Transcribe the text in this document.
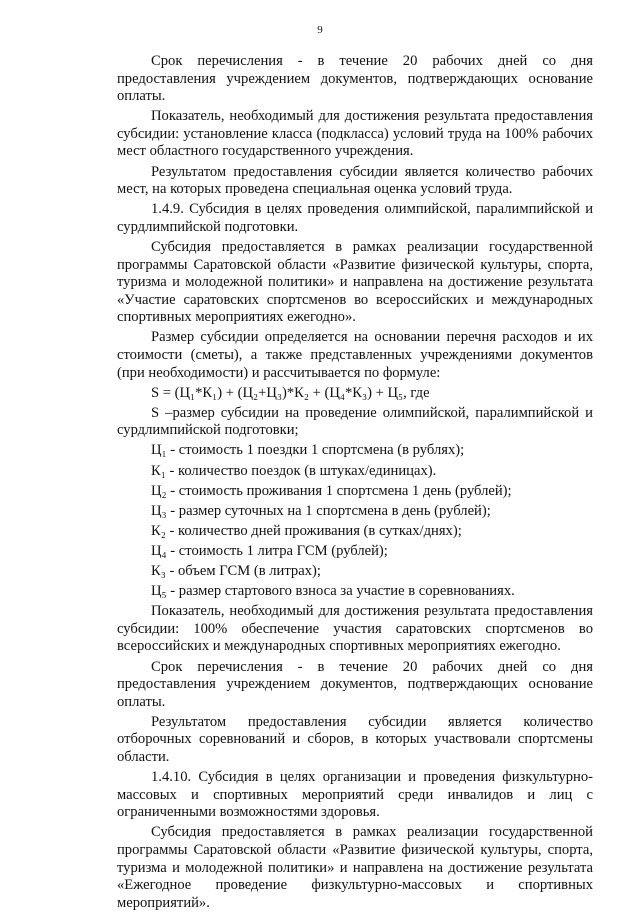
9

Срок перечисления - в течение 20 рабочих дней со дня предоставления учреждением документов, подтверждающих основание оплаты.

Показатель, необходимый для достижения результата предоставления субсидии: установление класса (подкласса) условий труда на 100% рабочих мест областного государственного учреждения.

Результатом предоставления субсидии является количество рабочих мест, на которых проведена специальная оценка условий труда.

1.4.9. Субсидия в целях проведения олимпийской, паралимпийской и сурдлимпийской подготовки.

Субсидия предоставляется в рамках реализации государственной программы Саратовской области «Развитие физической культуры, спорта, туризма и молодежной политики» и направлена на достижение результата «Участие саратовских спортсменов во всероссийских и международных спортивных мероприятиях ежегодно».

Размер субсидии определяется на основании перечня расходов и их стоимости (сметы), а также представленных учреждениями документов (при необходимости) и рассчитывается по формуле:

S = (Ц₁*К₁) + (Ц₂+Ц₃)*К₂ + (Ц₄*К₃) + Ц₅, где

S –размер субсидии на проведение олимпийской, паралимпийской и сурдлимпийской подготовки;

Ц₁ - стоимость 1 поездки 1 спортсмена (в рублях);

К₁ - количество поездок (в штуках/единицах).

Ц₂ - стоимость проживания 1 спортсмена 1 день (рублей);

Ц₃ - размер суточных на 1 спортсмена в день (рублей);

К₂ - количество дней проживания (в сутках/днях);

Ц₄ - стоимость 1 литра ГСМ (рублей);

К₃ - объем ГСМ (в литрах);

Ц₅ - размер стартового взноса за участие в соревнованиях.

Показатель, необходимый для достижения результата предоставления субсидии: 100% обеспечение участия саратовских спортсменов во всероссийских и международных спортивных мероприятиях ежегодно.

Срок перечисления - в течение 20 рабочих дней со дня предоставления учреждением документов, подтверждающих основание оплаты.

Результатом предоставления субсидии является количество отборочных соревнований и сборов, в которых участвовали спортсмены области.

1.4.10. Субсидия в целях организации и проведения физкультурно-массовых и спортивных мероприятий среди инвалидов и лиц с ограниченными возможностями здоровья.

Субсидия предоставляется в рамках реализации государственной программы Саратовской области «Развитие физической культуры, спорта, туризма и молодежной политики» и направлена на достижение результата «Ежегодное проведение физкультурно-массовых и спортивных мероприятий».
